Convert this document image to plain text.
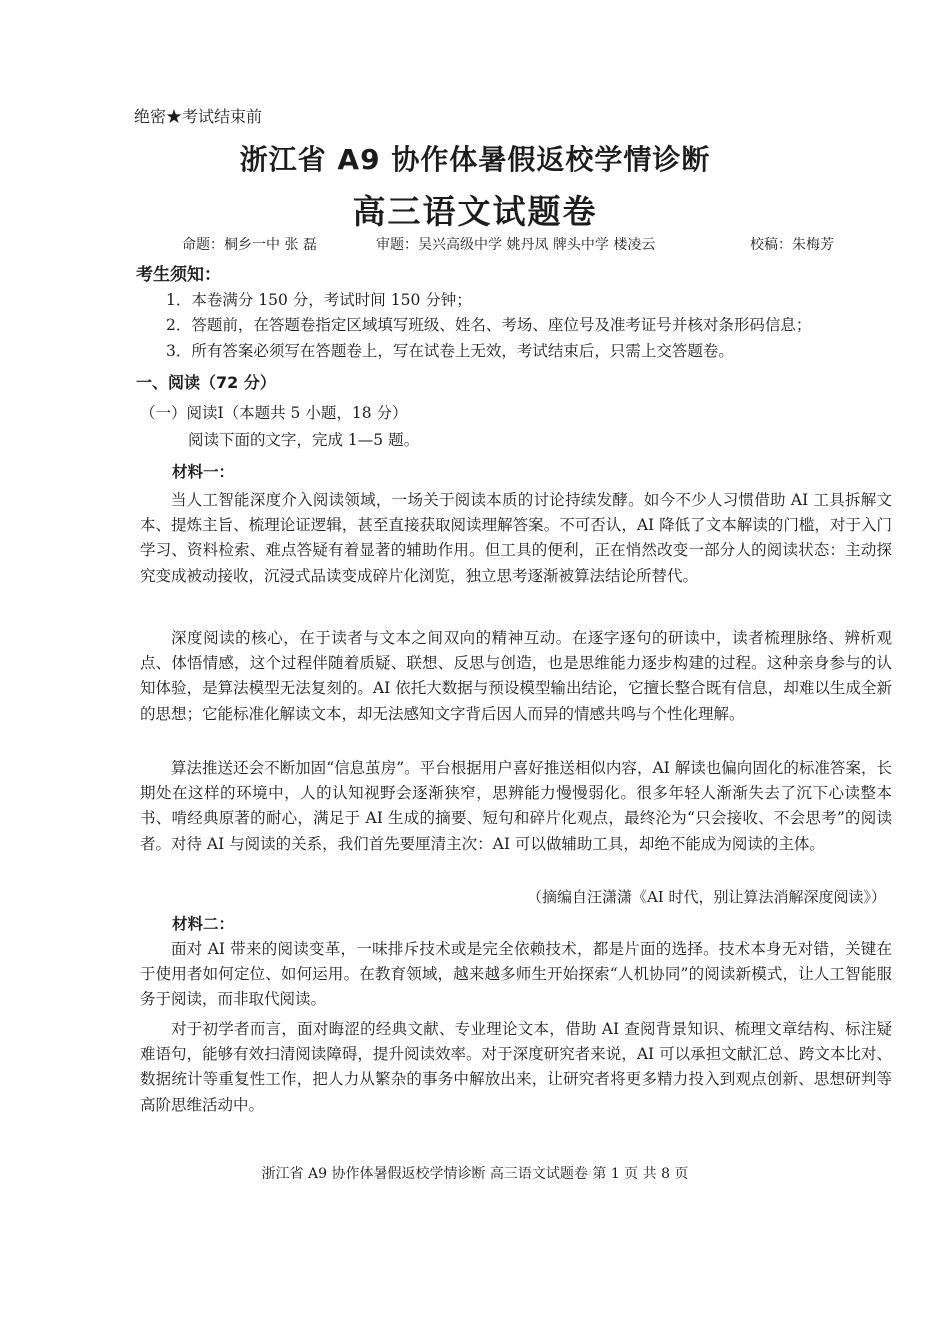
绝密★考试结束前
浙江省 A9 协作体暑假返校学情诊断
高三语文试题卷
命题：桐乡一中 张 磊	审题：吴兴高级中学 姚丹凤 牌头中学 楼凌云	校稿：朱梅芳
考生须知：
1．本卷满分 150 分，考试时间 150 分钟；
2．答题前，在答题卷指定区域填写班级、姓名、考场、座位号及准考证号并核对条形码信息；
3．所有答案必须写在答题卷上，写在试卷上无效，考试结束后，只需上交答题卷。
一、阅读（72 分）
（一）阅读Ⅰ（本题共 5 小题，18 分）
阅读下面的文字，完成 1—5 题。
材料一：
当人工智能深度介入阅读领域，一场关于阅读本质的讨论持续发酵。如今不少人习惯借助 AI 工具拆解文本、提炼主旨、梳理论证逻辑，甚至直接获取阅读理解答案。不可否认，AI 降低了文本解读的门槛，对于入门学习、资料检索、难点答疑有着显著的辅助作用。但工具的便利，正在悄然改变一部分人的阅读状态：主动探究变成被动接收，沉浸式品读变成碎片化浏览，独立思考逐渐被算法结论所替代。
深度阅读的核心，在于读者与文本之间双向的精神互动。在逐字逐句的研读中，读者梳理脉络、辨析观点、体悟情感，这个过程伴随着质疑、联想、反思与创造，也是思维能力逐步构建的过程。这种亲身参与的认知体验，是算法模型无法复刻的。AI 依托大数据与预设模型输出结论，它擅长整合既有信息，却难以生成全新的思想；它能标准化解读文本，却无法感知文字背后因人而异的情感共鸣与个性化理解。
算法推送还会不断加固“信息茧房”。平台根据用户喜好推送相似内容，AI 解读也偏向固化的标准答案，长期处在这样的环境中，人的认知视野会逐渐狭窄，思辨能力慢慢弱化。很多年轻人渐渐失去了沉下心读整本书、啃经典原著的耐心，满足于 AI 生成的摘要、短句和碎片化观点，最终沦为“只会接收、不会思考”的阅读者。对待 AI 与阅读的关系，我们首先要厘清主次：AI 可以做辅助工具，却绝不能成为阅读的主体。
（摘编自汪潇潇《AI 时代，别让算法消解深度阅读》）
材料二：
面对 AI 带来的阅读变革，一味排斥技术或是完全依赖技术，都是片面的选择。技术本身无对错，关键在于使用者如何定位、如何运用。在教育领域，越来越多师生开始探索“人机协同”的阅读新模式，让人工智能服务于阅读，而非取代阅读。
对于初学者而言，面对晦涩的经典文献、专业理论文本，借助 AI 查阅背景知识、梳理文章结构、标注疑难语句，能够有效扫清阅读障碍，提升阅读效率。对于深度研究者来说，AI 可以承担文献汇总、跨文本比对、数据统计等重复性工作，把人力从繁杂的事务中解放出来，让研究者将更多精力投入到观点创新、思想研判等高阶思维活动中。
浙江省 A9 协作体暑假返校学情诊断 高三语文试题卷 第 1 页 共 8 页
